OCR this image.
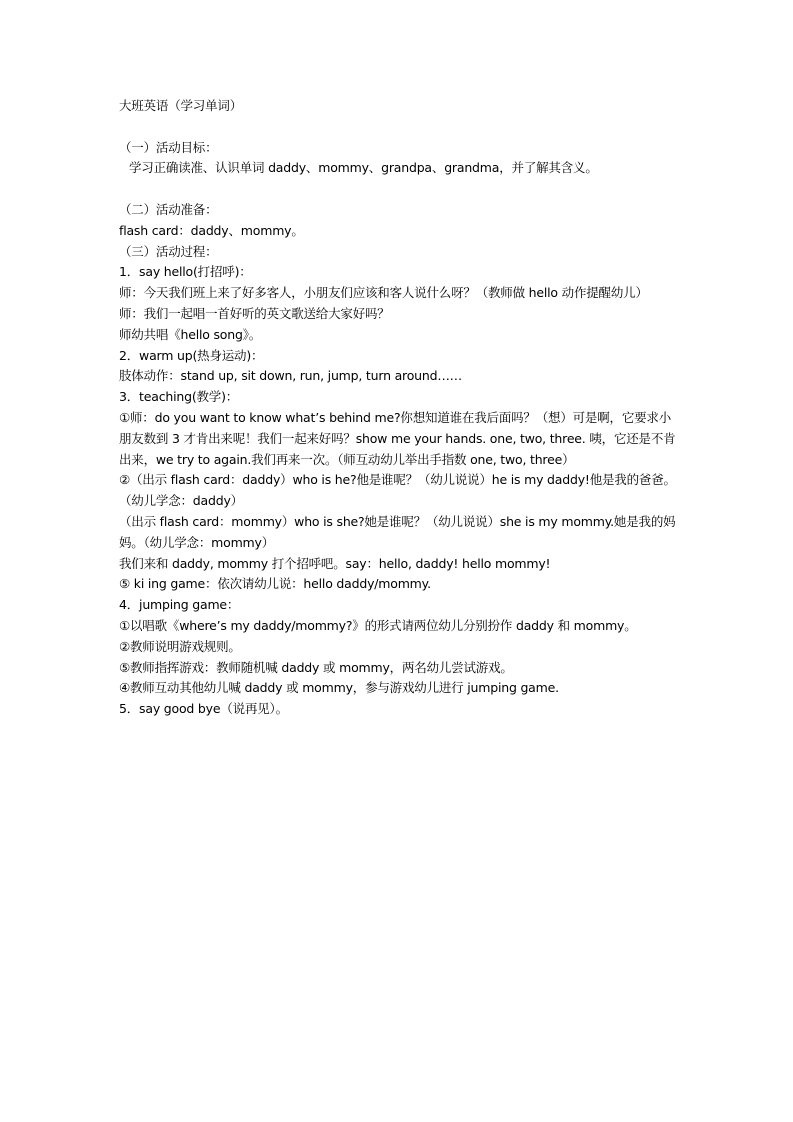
大班英语（学习单词）
（一）活动目标：
学习正确读准、认识单词 daddy、mommy、grandpa、grandma，并了解其含义。
（二）活动准备：
flash card：daddy、mommy。
（三）活动过程：
1．say hello(打招呼)：
师：今天我们班上来了好多客人，小朋友们应该和客人说什么呀？（教师做 hello 动作提醒幼儿）
师：我们一起唱一首好听的英文歌送给大家好吗？
师幼共唱《hello song》。
2．warm up(热身运动)：
肢体动作：stand up, sit down, run, jump, turn around……
3．teaching(教学)：
①师：do you want to know what’s behind me?你想知道谁在我后面吗？（想）可是啊，它要求小朋友数到 3 才肯出来呢！我们一起来好吗？show me your hands. one, two, three. 咦，它还是不肯出来，we try to again.我们再来一次。（师互动幼儿举出手指数 one, two, three）
②（出示 flash card：daddy）who is he?他是谁呢？（幼儿说说）he is my daddy!他是我的爸爸。（幼儿学念：daddy）
（出示 flash card：mommy）who is she?她是谁呢？（幼儿说说）she is my mommy.她是我的妈妈。（幼儿学念：mommy）
我们来和 daddy, mommy 打个招呼吧。say：hello, daddy! hello mommy!
⑤ ki ing game：依次请幼儿说：hello daddy/mommy.
4．jumping game：
①以唱歌《where’s my daddy/mommy?》的形式请两位幼儿分别扮作 daddy 和 mommy。
②教师说明游戏规则。
⑤教师指挥游戏：教师随机喊 daddy 或 mommy，两名幼儿尝试游戏。
④教师互动其他幼儿喊 daddy 或 mommy，参与游戏幼儿进行 jumping game.
5．say good bye（说再见）。
